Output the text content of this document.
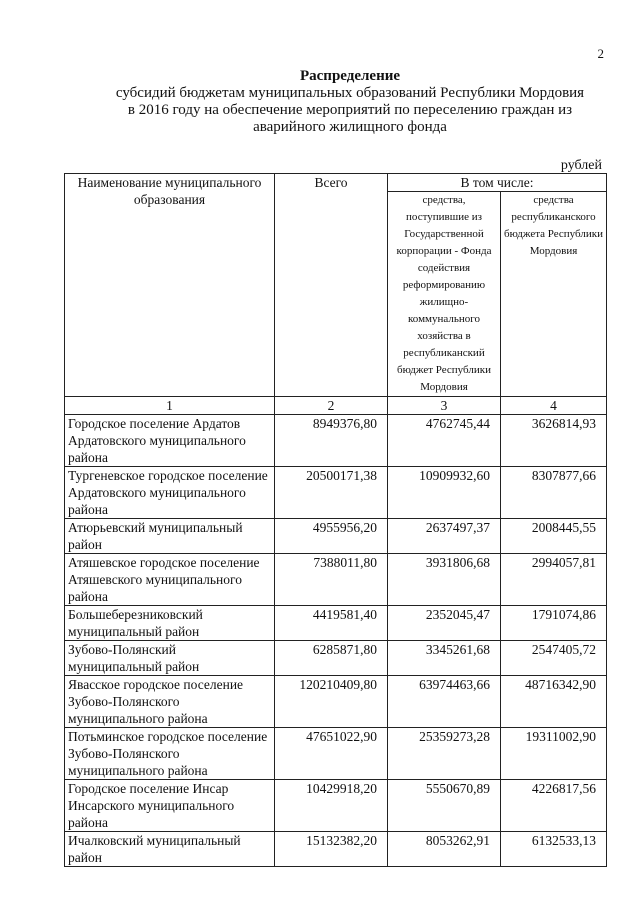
2
Распределение
субсидий бюджетам муниципальных образований Республики Мордовия
в 2016 году на обеспечение мероприятий по переселению граждан из
аварийного жилищного фонда
рублей
Наименование муниципального образования	Всего	В том числе:	
		средства, поступившие из Государственной корпорации - Фонда содействия реформированию жилищно-коммунального хозяйства в республиканский бюджет Республики Мордовия	средства республиканского бюджета Республики Мордовия
1	2	3	4
Городское поселение Ардатов Ардатовского муниципального района	8949376,80	4762745,44	3626814,93
Тургеневское городское поселение Ардатовского муниципального района	20500171,38	10909932,60	8307877,66
Атюрьевский муниципальный район	4955956,20	2637497,37	2008445,55
Атяшевское городское поселение Атяшевского муниципального района	7388011,80	3931806,68	2994057,81
Большеберезниковский муниципальный район	4419581,40	2352045,47	1791074,86
Зубово-Полянский муниципальный район	6285871,80	3345261,68	2547405,72
Явасское городское поселение Зубово-Полянского муниципального района	120210409,80	63974463,66	48716342,90
Потьминское городское поселение Зубово-Полянского муниципального района	47651022,90	25359273,28	19311002,90
Городское поселение Инсар Инсарского муниципального района	10429918,20	5550670,89	4226817,56
Ичалковский муниципальный район	15132382,20	8053262,91	6132533,13
